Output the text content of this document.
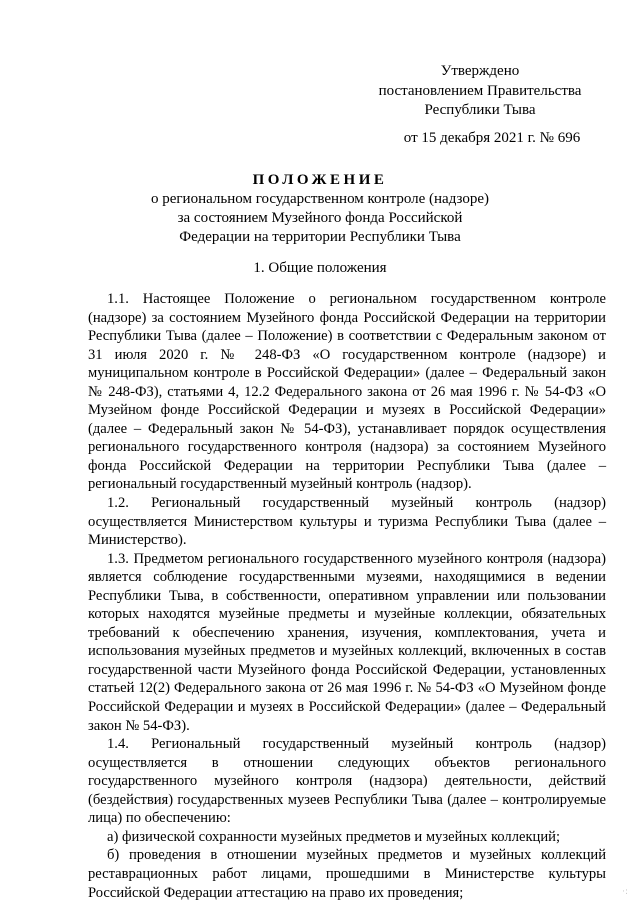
Утверждено
постановлением Правительства
Республики Тыва
от 15 декабря 2021 г. № 696
ПОЛОЖЕНИЕ
о региональном государственном контроле (надзоре)
за состоянием Музейного фонда Российской
Федерации на территории Республики Тыва
1. Общие положения

1.1. Настоящее Положение о региональном государственном контроле (надзоре) за состоянием Музейного фонда Российской Федерации на территории Республики Тыва (далее – Положение) в соответствии с Федеральным законом от 31 июля 2020 г. № 248-ФЗ «О государственном контроле (надзоре) и муниципальном контроле в Российской Федерации» (далее – Федеральный закон № 248-ФЗ), статьями 4, 12.2 Федерального закона от 26 мая 1996 г. № 54-ФЗ «О Музейном фонде Российской Федерации и музеях в Российской Федерации» (далее – Федеральный закон № 54-ФЗ), устанавливает порядок осуществления регионального государственного контроля (надзора) за состоянием Музейного фонда Российской Федерации на территории Республики Тыва (далее – региональный государственный музейный контроль (надзор).

1.2. Региональный государственный музейный контроль (надзор) осуществляется Министерством культуры и туризма Республики Тыва (далее – Министерство).

1.3. Предметом регионального государственного музейного контроля (надзора) является соблюдение государственными музеями, находящимися в ведении Республики Тыва, в собственности, оперативном управлении или пользовании которых находятся музейные предметы и музейные коллекции, обязательных требований к обеспечению хранения, изучения, комплектования, учета и использования музейных предметов и музейных коллекций, включенных в состав государственной части Музейного фонда Российской Федерации, установленных статьей 12(2) Федерального закона от 26 мая 1996 г. № 54-ФЗ «О Музейном фонде Российской Федерации и музеях в Российской Федерации» (далее – Федеральный закон № 54-ФЗ).

1.4. Региональный государственный музейный контроль (надзор) осуществляется в отношении следующих объектов регионального государственного музейного контроля (надзора) деятельности, действий (бездействия) государственных музеев Республики Тыва (далее – контролируемые лица) по обеспечению:

а) физической сохранности музейных предметов и музейных коллекций;

б) проведения в отношении музейных предметов и музейных коллекций реставрационных работ лицами, прошедшими в Министерстве культуры Российской Федерации аттестацию на право их проведения;	·:
